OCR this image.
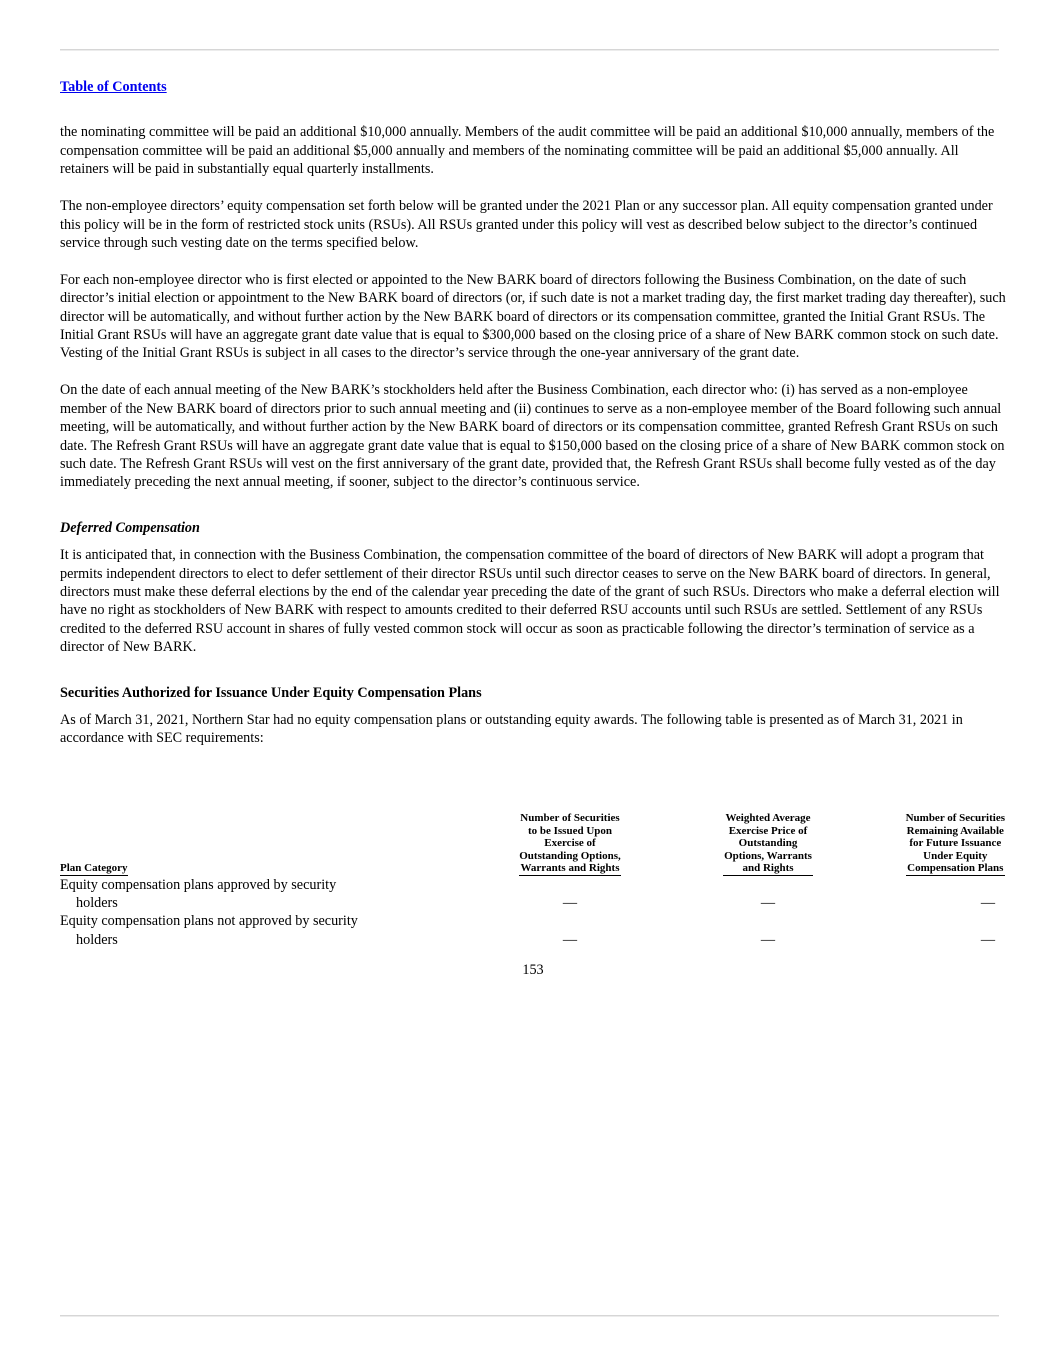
Table of Contents

the nominating committee will be paid an additional $10,000 annually. Members of the audit committee will be paid an additional $10,000 annually, members of the compensation committee will be paid an additional $5,000 annually and members of the nominating committee will be paid an additional $5,000 annually. All retainers will be paid in substantially equal quarterly installments.

The non-employee directors’ equity compensation set forth below will be granted under the 2021 Plan or any successor plan. All equity compensation granted under this policy will be in the form of restricted stock units (RSUs). All RSUs granted under this policy will vest as described below subject to the director’s continued service through such vesting date on the terms specified below.

For each non-employee director who is first elected or appointed to the New BARK board of directors following the Business Combination, on the date of such director’s initial election or appointment to the New BARK board of directors (or, if such date is not a market trading day, the first market trading day thereafter), such director will be automatically, and without further action by the New BARK board of directors or its compensation committee, granted the Initial Grant RSUs. The Initial Grant RSUs will have an aggregate grant date value that is equal to $300,000 based on the closing price of a share of New BARK common stock on such date. Vesting of the Initial Grant RSUs is subject in all cases to the director’s service through the one-year anniversary of the grant date.

On the date of each annual meeting of the New BARK’s stockholders held after the Business Combination, each director who: (i) has served as a non-employee member of the New BARK board of directors prior to such annual meeting and (ii) continues to serve as a non-employee member of the Board following such annual meeting, will be automatically, and without further action by the New BARK board of directors or its compensation committee, granted Refresh Grant RSUs on such date. The Refresh Grant RSUs will have an aggregate grant date value that is equal to $150,000 based on the closing price of a share of New BARK common stock on such date. The Refresh Grant RSUs will vest on the first anniversary of the grant date, provided that, the Refresh Grant RSUs shall become fully vested as of the day immediately preceding the next annual meeting, if sooner, subject to the director’s continuous service.

Deferred Compensation

It is anticipated that, in connection with the Business Combination, the compensation committee of the board of directors of New BARK will adopt a program that permits independent directors to elect to defer settlement of their director RSUs until such director ceases to serve on the New BARK board of directors. In general, directors must make these deferral elections by the end of the calendar year preceding the date of the grant of such RSUs. Directors who make a deferral election will have no right as stockholders of New BARK with respect to amounts credited to their deferred RSU accounts until such RSUs are settled. Settlement of any RSUs credited to the deferred RSU account in shares of fully vested common stock will occur as soon as practicable following the director’s termination of service as a director of New BARK.

Securities Authorized for Issuance Under Equity Compensation Plans

As of March 31, 2021, Northern Star had no equity compensation plans or outstanding equity awards. The following table is presented as of March 31, 2021 in accordance with SEC requirements:

Plan Category	Number of Securities
to be Issued Upon
Exercise of
Outstanding Options,
Warrants and Rights	Weighted Average
Exercise Price of
Outstanding
Options, Warrants
and Rights	Number of Securities
Remaining Available
for Future Issuance
Under Equity
Compensation Plans
Equity compensation plans approved by security			
holders	—	—	—
Equity compensation plans not approved by security			
holders	—	—	—
153
